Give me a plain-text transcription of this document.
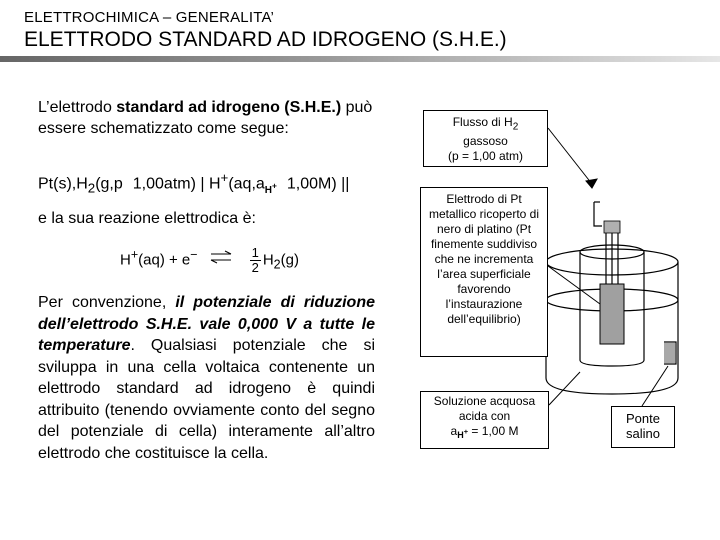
ELETTROCHIMICA – GENERALITA’
ELETTRODO STANDARD AD IDROGENO (S.H.E.)
L’elettrodo standard ad idrogeno (S.H.E.) può essere schematizzato come segue:
$Pt(s),H_2(g,p$ 1,00atm) | $H^+(aq,a_{H^+}$ 1,00M) ||
e la sua reazione elettrodica è:
H+(aq) + e− ⇌ $\frac{1}{2} H_2(g)$
Per convenzione, il potenziale di riduzione dell’elettrodo S.H.E. vale 0,000 V a tutte le temperature. Qualsiasi potenziale che si sviluppa in una cella voltaica contenente un elettrodo standard ad idrogeno è quindi attribuito (tenendo ovviamente conto del segno del potenziale di cella) interamente all’altro elettrodo che costituisce la cella.
Flusso di $H_2$
gassoso
(p = 1,00 atm)
Elettrodo di Pt metallico ricoperto di nero di platino (Pt finemente suddiviso che ne incrementa l’area superficiale favorendo l’instaurazione dell’equilibrio)
Soluzione acquosa
acida con
$a_{H^+} = 1,00$ M
Ponte
salino
